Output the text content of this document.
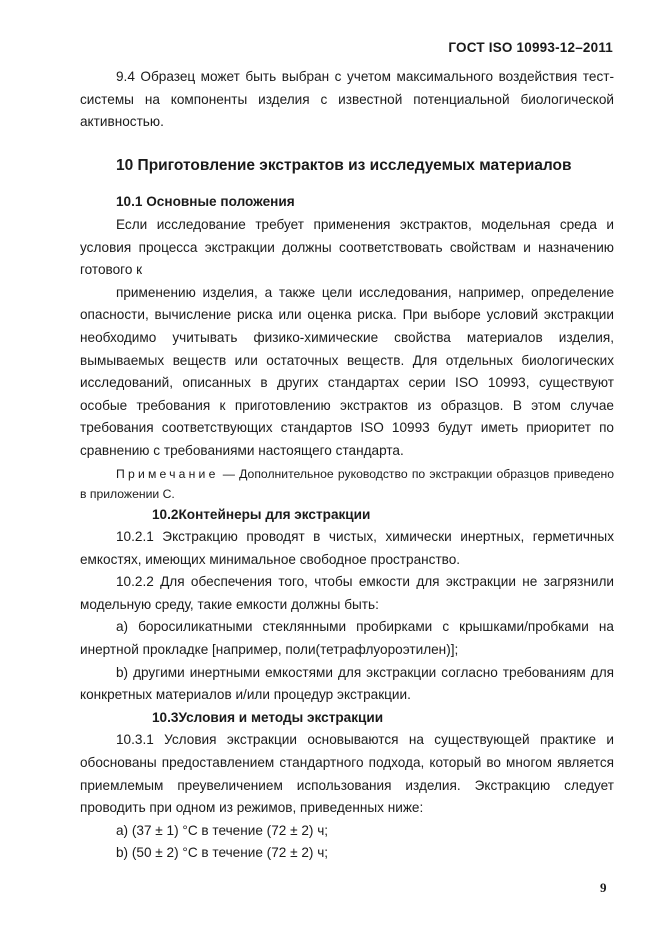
ГОСТ ISO 10993-12–2011

9.4 Образец может быть выбран с учетом максимального воздействия тест-системы на компоненты изделия с известной потенциальной биологической активностью.

10 Приготовление экстрактов из исследуемых материалов

10.1 Основные положения

Если исследование требует применения экстрактов, модельная среда и условия процесса экстракции должны соответствовать свойствам и назначению готового к

применению изделия, а также цели исследования, например, определение опасности, вычисление риска или оценка риска. При выборе условий экстракции необходимо учитывать физико-химические свойства материалов изделия, вымываемых веществ или остаточных веществ. Для отдельных биологических исследований, описанных в других стандартах серии ISO 10993, существуют особые требования к приготовлению экстрактов из образцов. В этом случае требования соответствующих стандартов ISO 10993 будут иметь приоритет по сравнению с требованиями настоящего стандарта.

Примечание — Дополнительное руководство по экстракции образцов приведено в приложении С.

10.2Контейнеры для экстракции

10.2.1 Экстракцию проводят в чистых, химически инертных, герметичных емкостях, имеющих минимальное свободное пространство.

10.2.2 Для обеспечения того, чтобы емкости для экстракции не загрязнили модельную среду, такие емкости должны быть:

a) боросиликатными стеклянными пробирками с крышками/пробками на инертной прокладке [например, поли(тетрафлуороэтилен)];

b) другими инертными емкостями для экстракции согласно требованиям для конкретных материалов и/или процедур экстракции.

10.3Условия и методы экстракции

10.3.1 Условия экстракции основываются на существующей практике и обоснованы предоставлением стандартного подхода, который во многом является приемлемым преувеличением использования изделия. Экстракцию следует проводить при одном из режимов, приведенных ниже:

a) (37 ± 1) °С в течение (72 ± 2) ч;

b) (50 ± 2) °С в течение (72 ± 2) ч;

9
